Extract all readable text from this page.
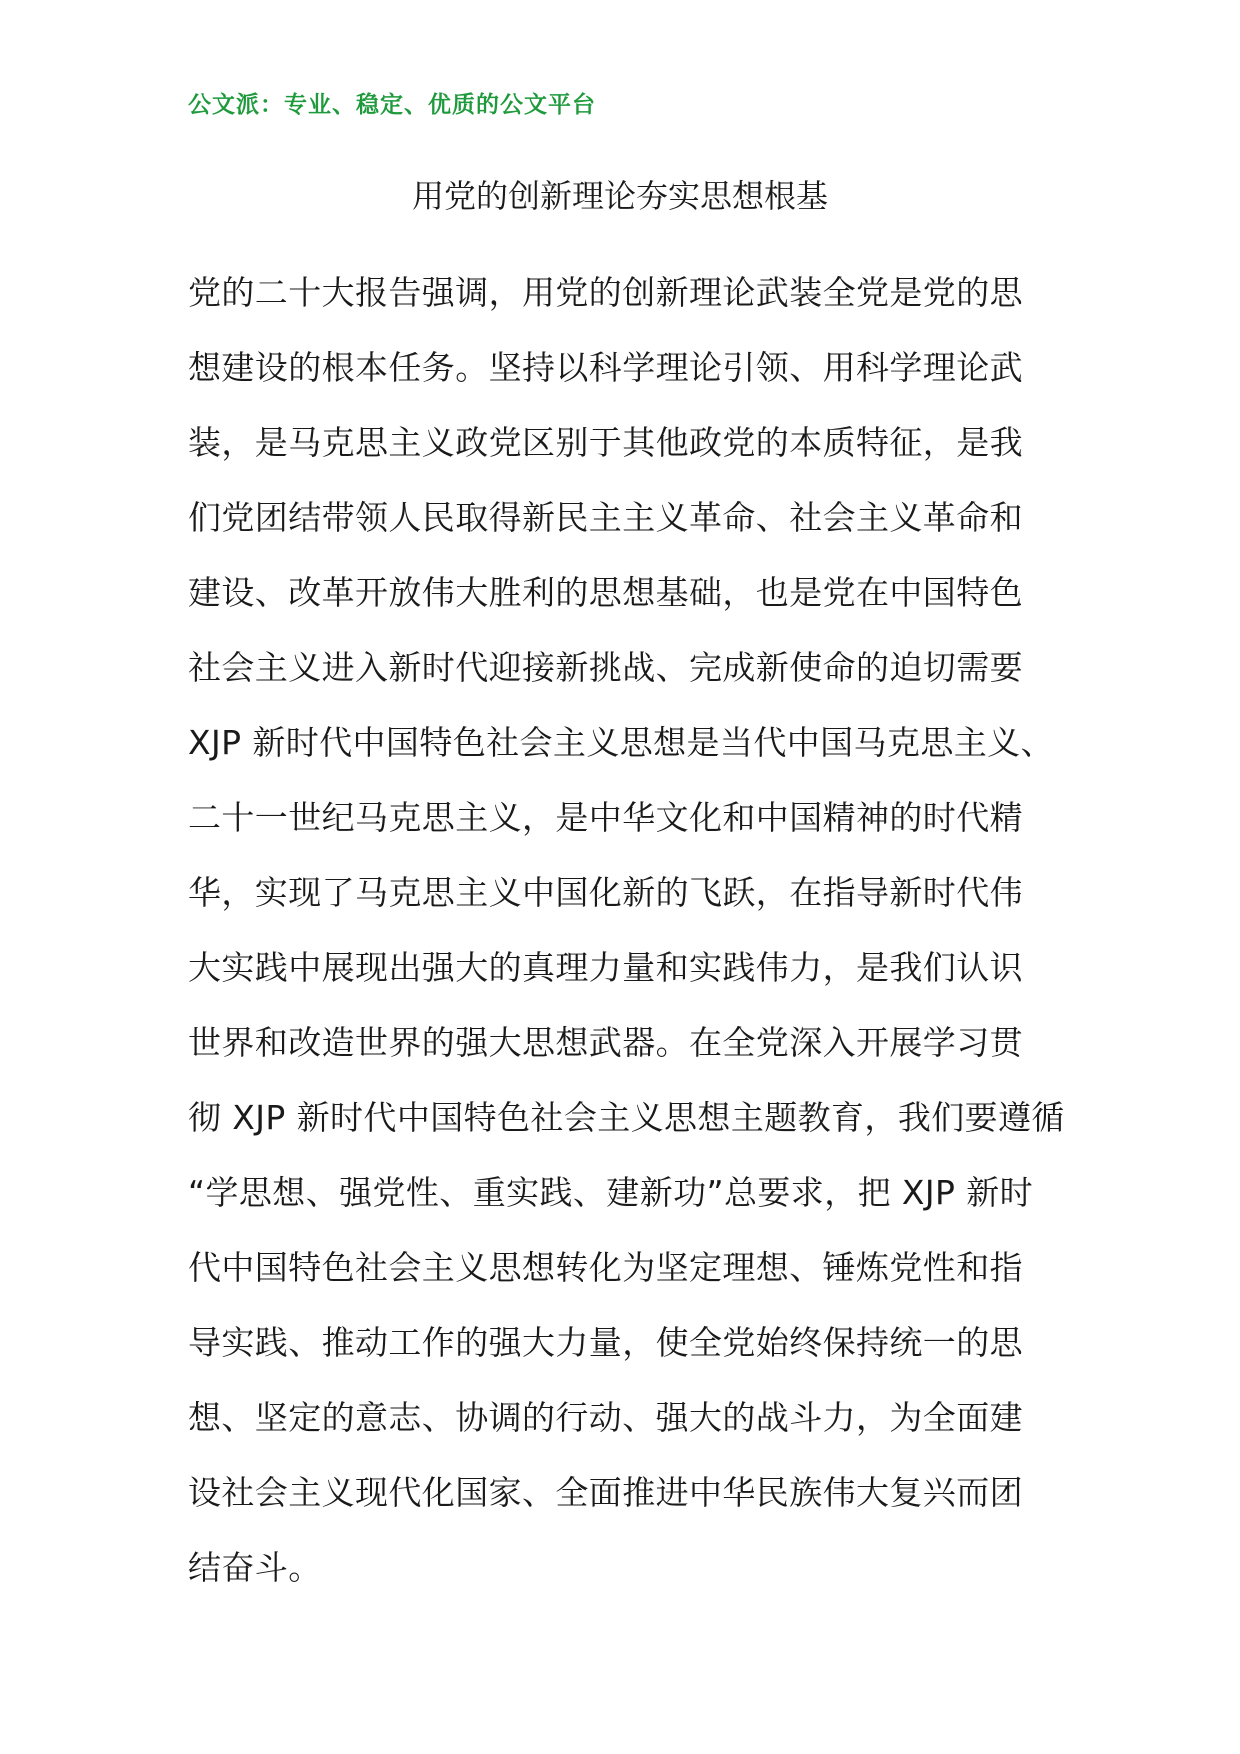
公文派：专业、稳定、优质的公文平台
用党的创新理论夯实思想根基
党的二十大报告强调，用党的创新理论武装全党是党的思
想建设的根本任务。坚持以科学理论引领、用科学理论武
装，是马克思主义政党区别于其他政党的本质特征，是我
们党团结带领人民取得新民主主义革命、社会主义革命和
建设、改革开放伟大胜利的思想基础，也是党在中国特色
社会主义进入新时代迎接新挑战、完成新使命的迫切需要
XJP 新时代中国特色社会主义思想是当代中国马克思主义、
二十一世纪马克思主义，是中华文化和中国精神的时代精
华，实现了马克思主义中国化新的飞跃，在指导新时代伟
大实践中展现出强大的真理力量和实践伟力，是我们认识
世界和改造世界的强大思想武器。在全党深入开展学习贯
彻 XJP 新时代中国特色社会主义思想主题教育，我们要遵循
“学思想、强党性、重实践、建新功”总要求，把 XJP 新时
代中国特色社会主义思想转化为坚定理想、锤炼党性和指
导实践、推动工作的强大力量，使全党始终保持统一的思
想、坚定的意志、协调的行动、强大的战斗力，为全面建
设社会主义现代化国家、全面推进中华民族伟大复兴而团
结奋斗。
